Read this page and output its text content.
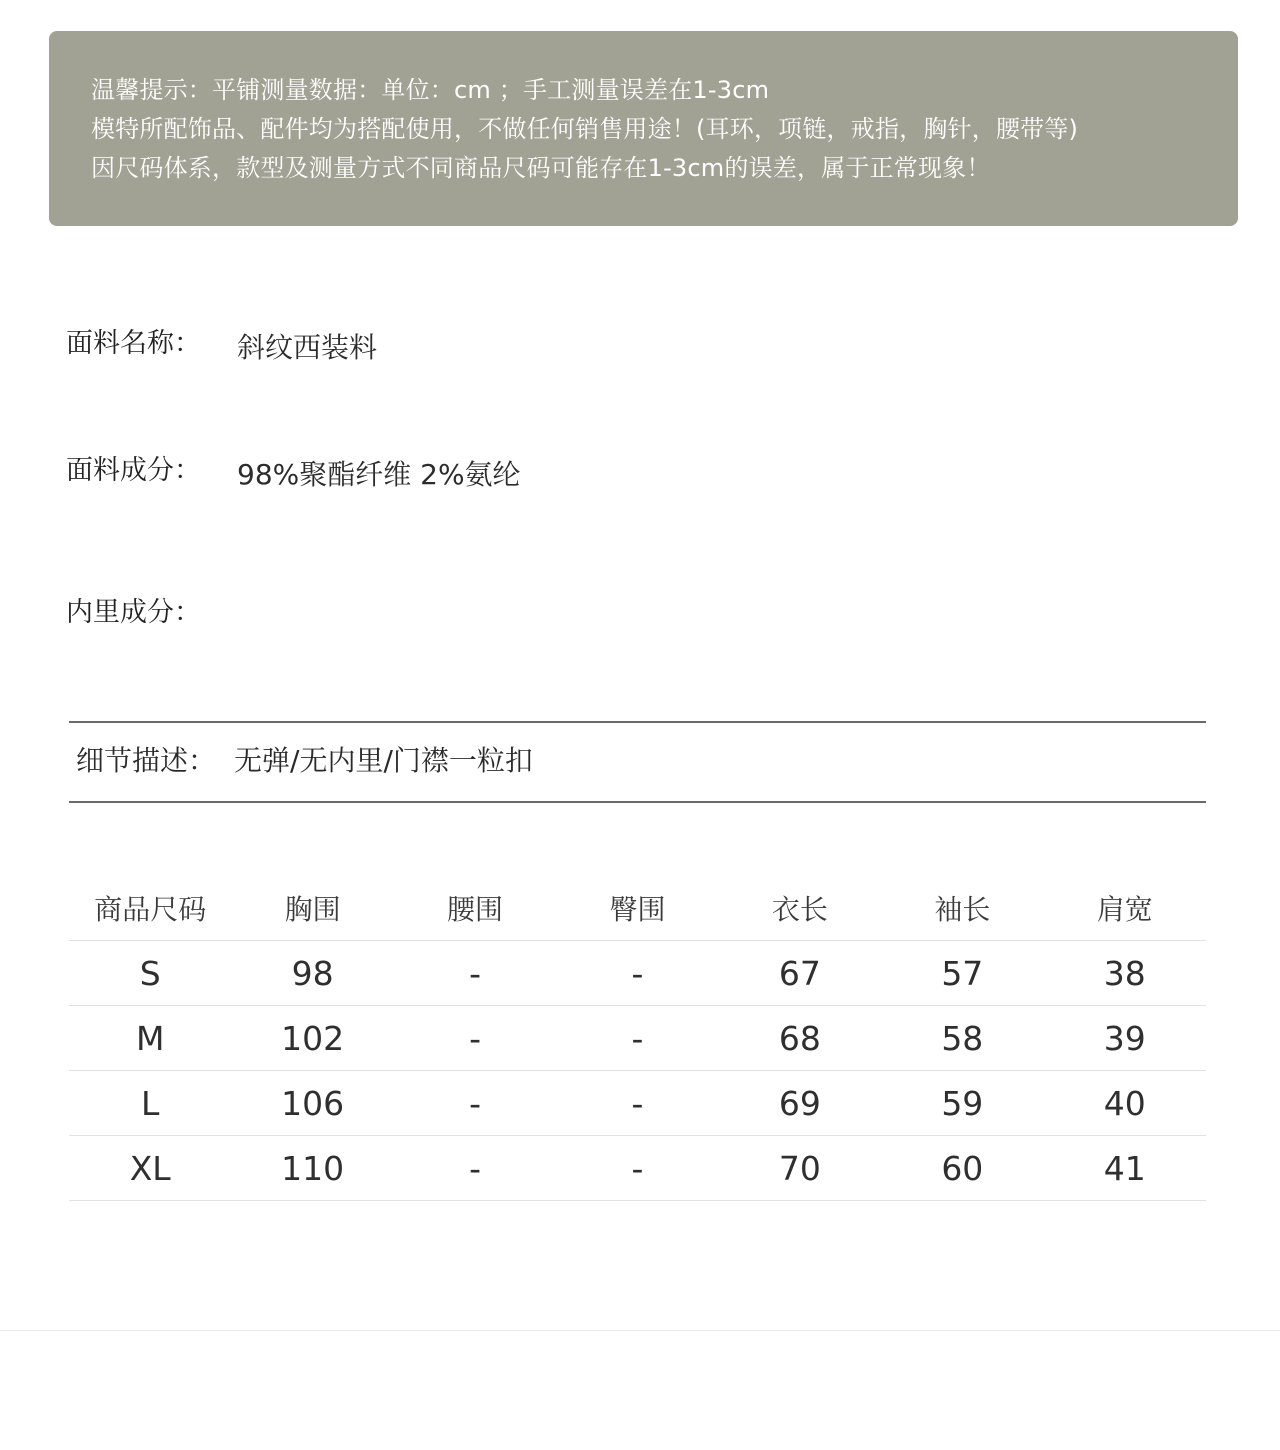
温馨提示：平铺测量数据：单位：cm ；手工测量误差在1-3cm
模特所配饰品、配件均为搭配使用，不做任何销售用途！(耳环，项链，戒指，胸针，腰带等)
因尺码体系，款型及测量方式不同商品尺码可能存在1-3cm的误差，属于正常现象！
面料名称： 斜纹西装料
面料成分： 98%聚酯纤维 2%氨纶
内里成分：
细节描述： 无弹/无内里/门襟一粒扣
商品尺码	胸围	腰围	臀围	衣长	袖长	肩宽
S	98	-	-	67	57	38
M	102	-	-	68	58	39
L	106	-	-	69	59	40
XL	110	-	-	70	60	41
